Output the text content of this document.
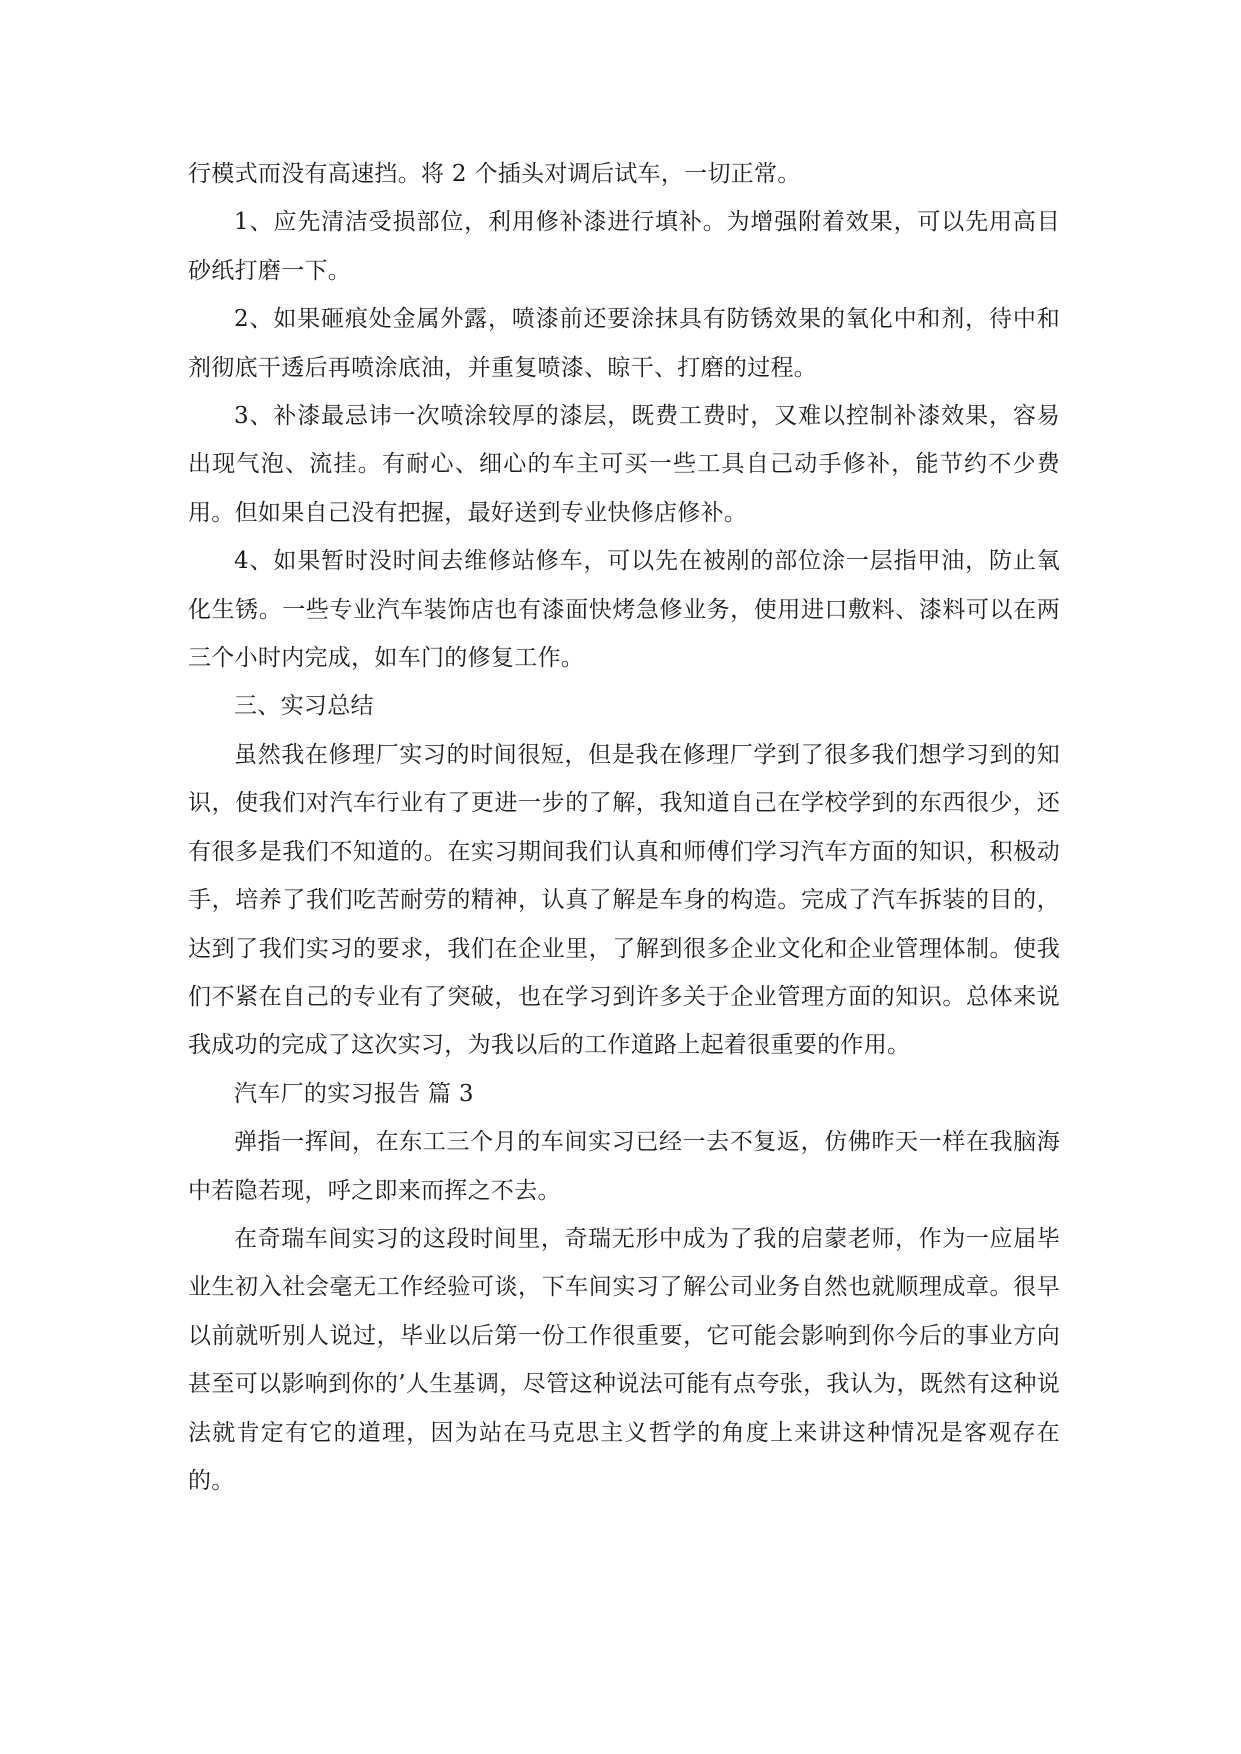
行模式而没有高速挡。将 2 个插头对调后试车，一切正常。

1、应先清洁受损部位，利用修补漆进行填补。为增强附着效果，可以先用高目砂纸打磨一下。

2、如果砸痕处金属外露，喷漆前还要涂抹具有防锈效果的氧化中和剂，待中和剂彻底干透后再喷涂底油，并重复喷漆、晾干、打磨的过程。

3、补漆最忌讳一次喷涂较厚的漆层，既费工费时，又难以控制补漆效果，容易出现气泡、流挂。有耐心、细心的车主可买一些工具自己动手修补，能节约不少费用。但如果自己没有把握，最好送到专业快修店修补。

4、如果暂时没时间去维修站修车，可以先在被剐的部位涂一层指甲油，防止氧化生锈。一些专业汽车装饰店也有漆面快烤急修业务，使用进口敷料、漆料可以在两三个小时内完成，如车门的修复工作。

三、实习总结

虽然我在修理厂实习的时间很短，但是我在修理厂学到了很多我们想学习到的知识，使我们对汽车行业有了更进一步的了解，我知道自己在学校学到的东西很少，还有很多是我们不知道的。在实习期间我们认真和师傅们学习汽车方面的知识，积极动手，培养了我们吃苦耐劳的精神，认真了解是车身的构造。完成了汽车拆装的目的，达到了我们实习的要求，我们在企业里，了解到很多企业文化和企业管理体制。使我们不紧在自己的专业有了突破，也在学习到许多关于企业管理方面的知识。总体来说我成功的完成了这次实习，为我以后的工作道路上起着很重要的作用。

汽车厂的实习报告 篇 3

弹指一挥间，在东工三个月的车间实习已经一去不复返，仿佛昨天一样在我脑海中若隐若现，呼之即来而挥之不去。

在奇瑞车间实习的这段时间里，奇瑞无形中成为了我的启蒙老师，作为一应届毕业生初入社会毫无工作经验可谈，下车间实习了解公司业务自然也就顺理成章。很早以前就听别人说过，毕业以后第一份工作很重要，它可能会影响到你今后的事业方向甚至可以影响到你的’人生基调，尽管这种说法可能有点夸张，我认为，既然有这种说法就肯定有它的道理，因为站在马克思主义哲学的角度上来讲这种情况是客观存在的。
